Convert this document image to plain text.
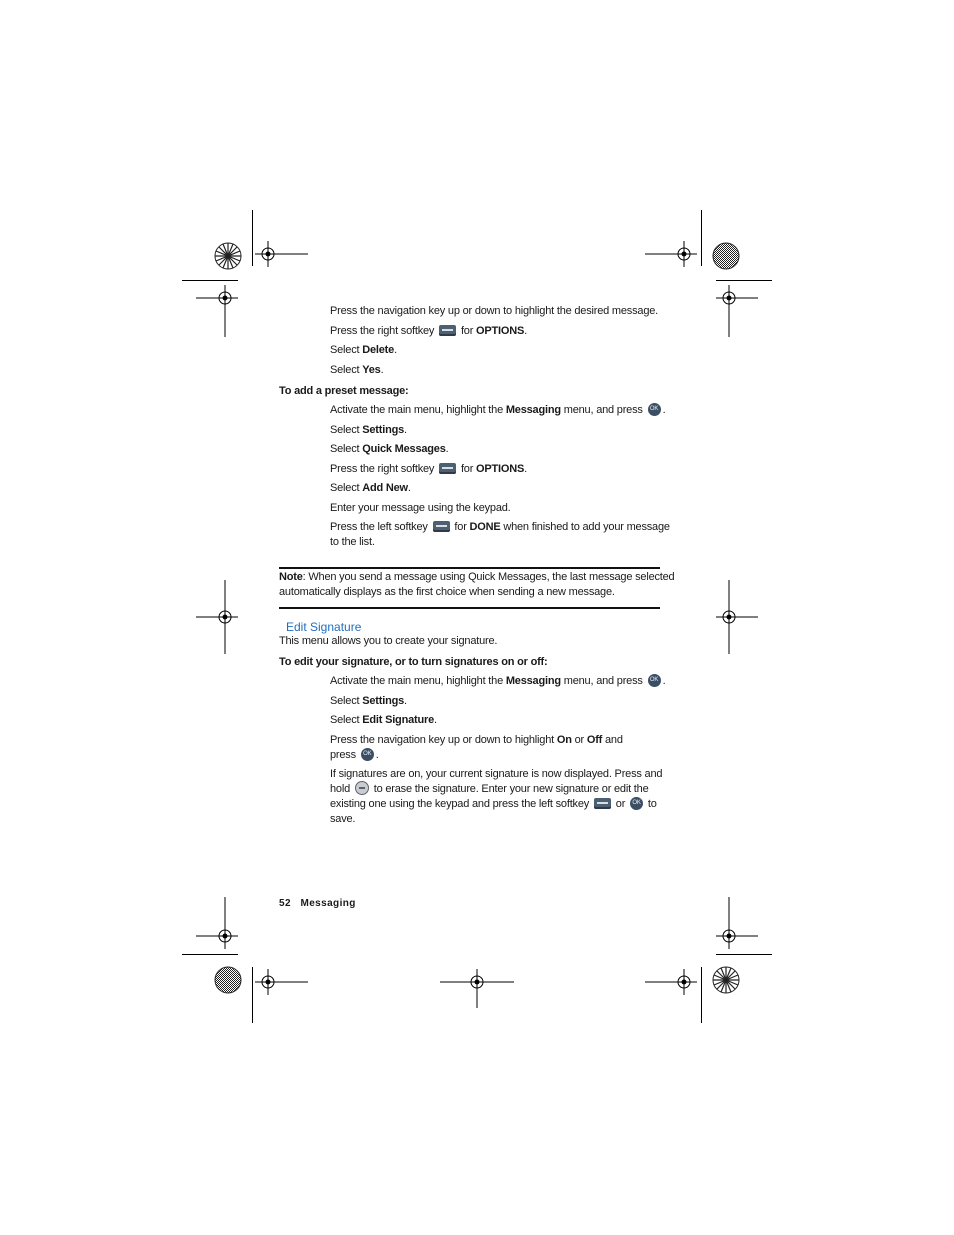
Press the navigation key up or down to highlight the desired message.
Press the right softkey  for OPTIONS.
Select Delete.
Select Yes.
To add a preset message:
Activate the main menu, highlight the Messaging menu, and press OK .
Select Settings.
Select Quick Messages.
Press the right softkey  for OPTIONS.
Select Add New.
Enter your message using the keypad.
Press the left softkey  for DONE when finished to add your message
to the list.
Note: When you send a message using Quick Messages, the last message selected
automatically displays as the first choice when sending a new message.
Edit Signature
This menu allows you to create your signature.
To edit your signature, or to turn signatures on or off:
Activate the main menu, highlight the Messaging menu, and press OK .
Select Settings.
Select Edit Signature.
Press the navigation key up or down to highlight On or Off and
press OK .
If signatures are on, your current signature is now displayed. Press and
hold  to erase the signature. Enter your new signature or edit the
existing one using the keypad and press the left softkey  or OK to
save.
52 Messaging
